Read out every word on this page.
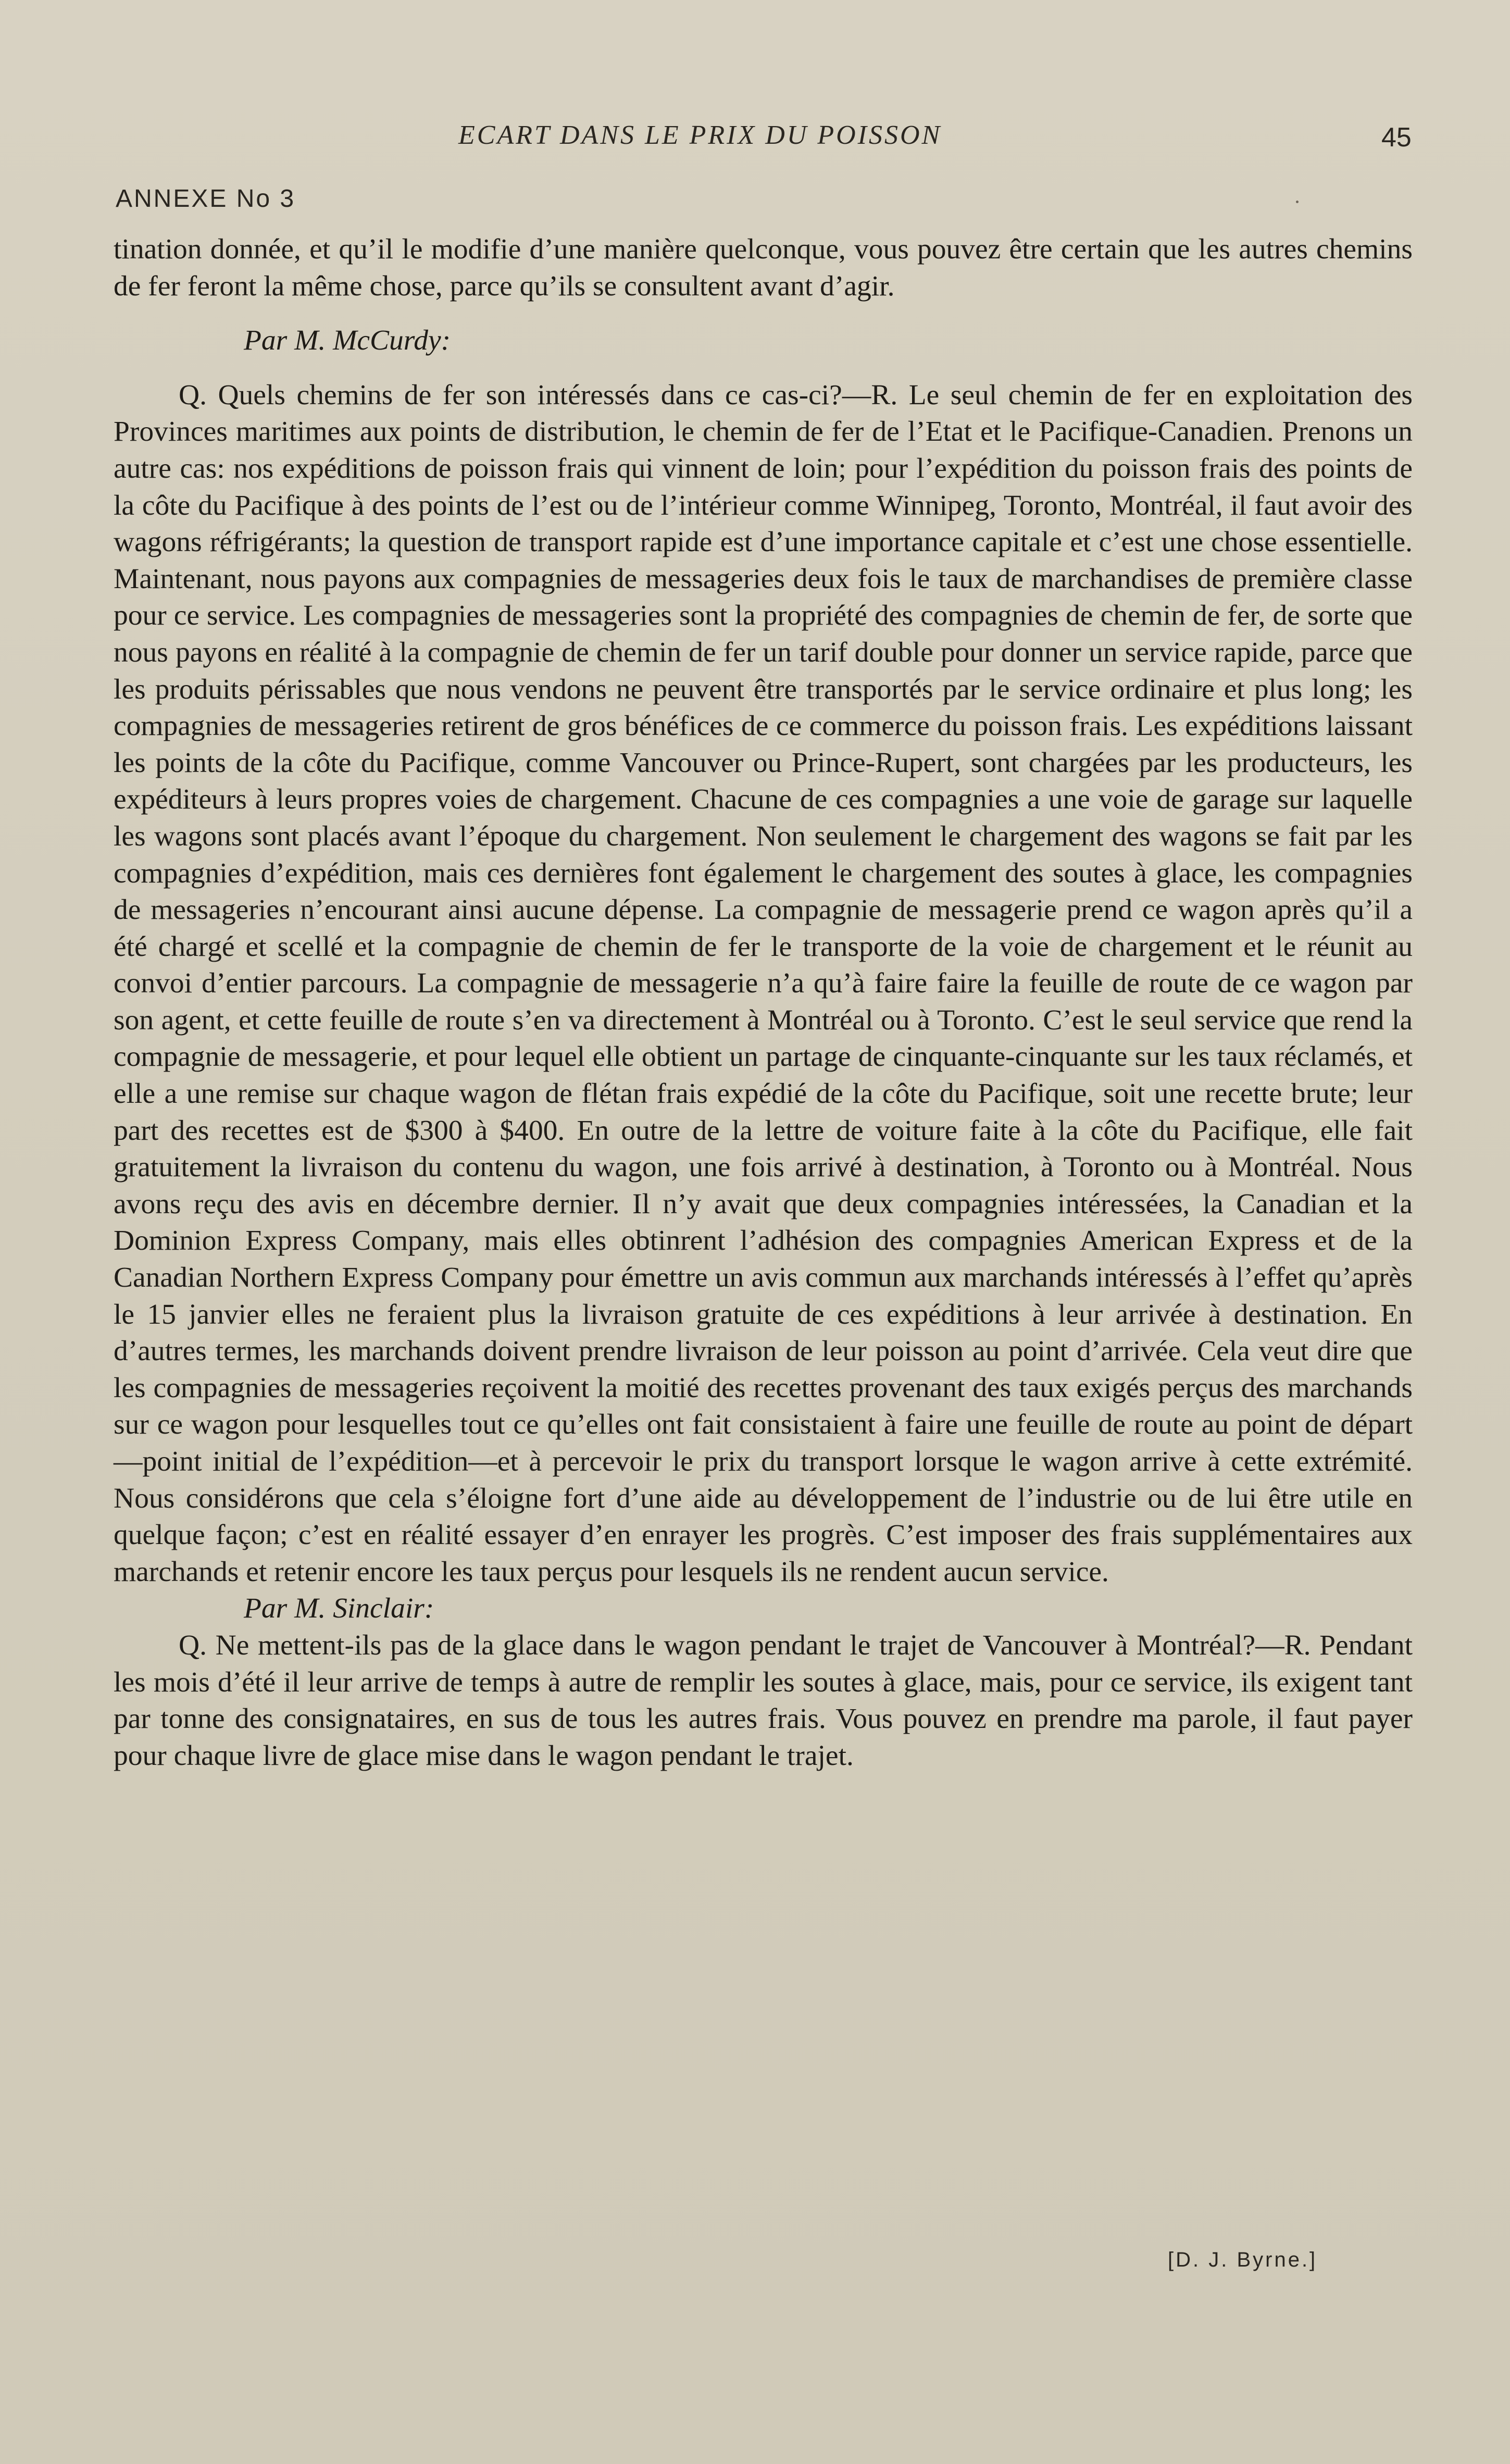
ECART DANS LE PRIX DU POISSON	45
ANNEXE No 3

tination donnée, et qu’il le modifie d’une manière quelconque, vous pouvez être certain que les autres chemins de fer feront la même chose, parce qu’ils se consultent avant d’agir.

Par M. McCurdy:

Q. Quels chemins de fer son intéressés dans ce cas-ci?—R. Le seul chemin de fer en exploitation des Provinces maritimes aux points de distribution, le chemin de fer de l’Etat et le Pacifique-Canadien. Prenons un autre cas: nos expéditions de poisson frais qui vinnent de loin; pour l’expédition du poisson frais des points de la côte du Pacifique à des points de l’est ou de l’intérieur comme Winnipeg, Toronto, Montréal, il faut avoir des wagons réfrigérants; la question de transport rapide est d’une importance capitale et c’est une chose essentielle. Maintenant, nous payons aux compagnies de messageries deux fois le taux de marchandises de première classe pour ce service. Les compagnies de messageries sont la propriété des compagnies de chemin de fer, de sorte que nous payons en réalité à la compagnie de chemin de fer un tarif double pour donner un service rapide, parce que les produits périssables que nous vendons ne peuvent être transportés par le service ordinaire et plus long; les compagnies de messageries retirent de gros bénéfices de ce commerce du poisson frais. Les expéditions laissant les points de la côte du Pacifique, comme Vancouver ou Prince-Rupert, sont chargées par les producteurs, les expéditeurs à leurs propres voies de chargement. Chacune de ces compagnies a une voie de garage sur laquelle les wagons sont placés avant l’époque du chargement. Non seulement le chargement des wagons se fait par les compagnies d’expédition, mais ces dernières font également le chargement des soutes à glace, les compagnies de messageries n’encourant ainsi aucune dépense. La compagnie de messagerie prend ce wagon après qu’il a été chargé et scellé et la compagnie de chemin de fer le transporte de la voie de chargement et le réunit au convoi d’entier parcours. La compagnie de messagerie n’a qu’à faire faire la feuille de route de ce wagon par son agent, et cette feuille de route s’en va directement à Montréal ou à Toronto. C’est le seul service que rend la compagnie de messagerie, et pour lequel elle obtient un partage de cinquante-cinquante sur les taux réclamés, et elle a une remise sur chaque wagon de flétan frais expédié de la côte du Pacifique, soit une recette brute; leur part des recettes est de $300 à $400. En outre de la lettre de voiture faite à la côte du Pacifique, elle fait gratuitement la livraison du contenu du wagon, une fois arrivé à destination, à Toronto ou à Montréal. Nous avons reçu des avis en décembre dernier. Il n’y avait que deux compagnies intéressées, la Canadian et la Dominion Express Company, mais elles obtinrent l’adhésion des compagnies American Express et de la Canadian Northern Express Company pour émettre un avis commun aux marchands intéressés à l’effet qu’après le 15 janvier elles ne feraient plus la livraison gratuite de ces expéditions à leur arrivée à destination. En d’autres termes, les marchands doivent prendre livraison de leur poisson au point d’arrivée. Cela veut dire que les compagnies de messageries reçoivent la moitié des recettes provenant des taux exigés perçus des marchands sur ce wagon pour lesquelles tout ce qu’elles ont fait consistaient à faire une feuille de route au point de départ—point initial de l’expédition—et à percevoir le prix du transport lorsque le wagon arrive à cette extrémité. Nous considérons que cela s’éloigne fort d’une aide au développement de l’industrie ou de lui être utile en quelque façon; c’est en réalité essayer d’en enrayer les progrès. C’est imposer des frais supplémentaires aux marchands et retenir encore les taux perçus pour lesquels ils ne rendent aucun service.

Par M. Sinclair:

Q. Ne mettent-ils pas de la glace dans le wagon pendant le trajet de Vancouver à Montréal?—R. Pendant les mois d’été il leur arrive de temps à autre de remplir les soutes à glace, mais, pour ce service, ils exigent tant par tonne des consignataires, en sus de tous les autres frais. Vous pouvez en prendre ma parole, il faut payer pour chaque livre de glace mise dans le wagon pendant le trajet.

[D. J. Byrne.]
